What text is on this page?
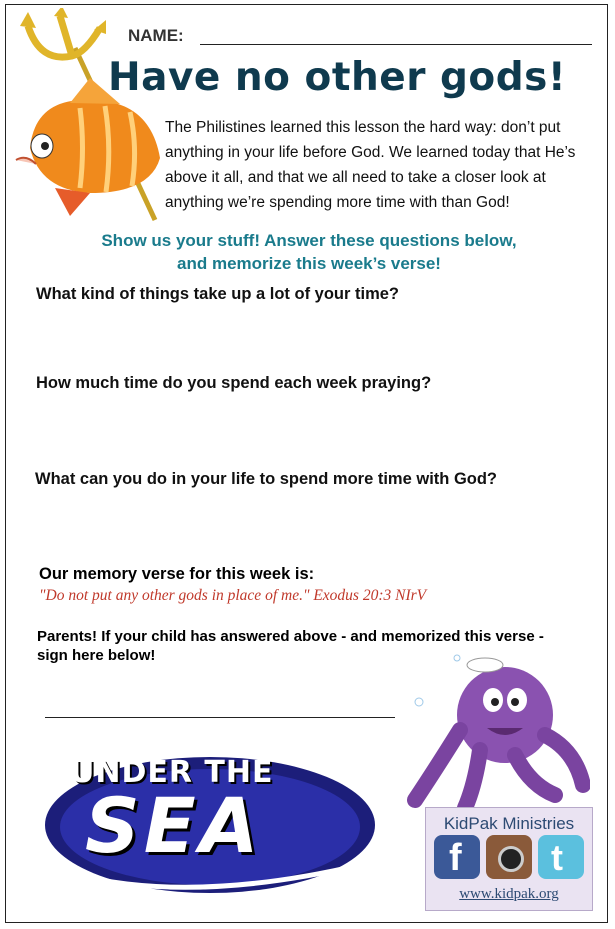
NAME:
Have no other gods!
The Philistines learned this lesson the hard way: don’t put anything in your life before God. We learned today that He’s above it all, and that we all need to take a closer look at anything we’re spending more time with than God!
Show us your stuff! Answer these questions below,
and memorize this week’s verse!
What kind of things take up a lot of your time?
How much time do you spend each week praying?
What can you do in your life to spend more time with God?
Our memory verse for this week is:
"Do not put any other gods in place of me." Exodus 20:3 NIrV
Parents! If your child has answered above - and memorized this verse - sign here below!
UNDER THE
SEA	KidPak Ministries
f t
www.kidpak.org
